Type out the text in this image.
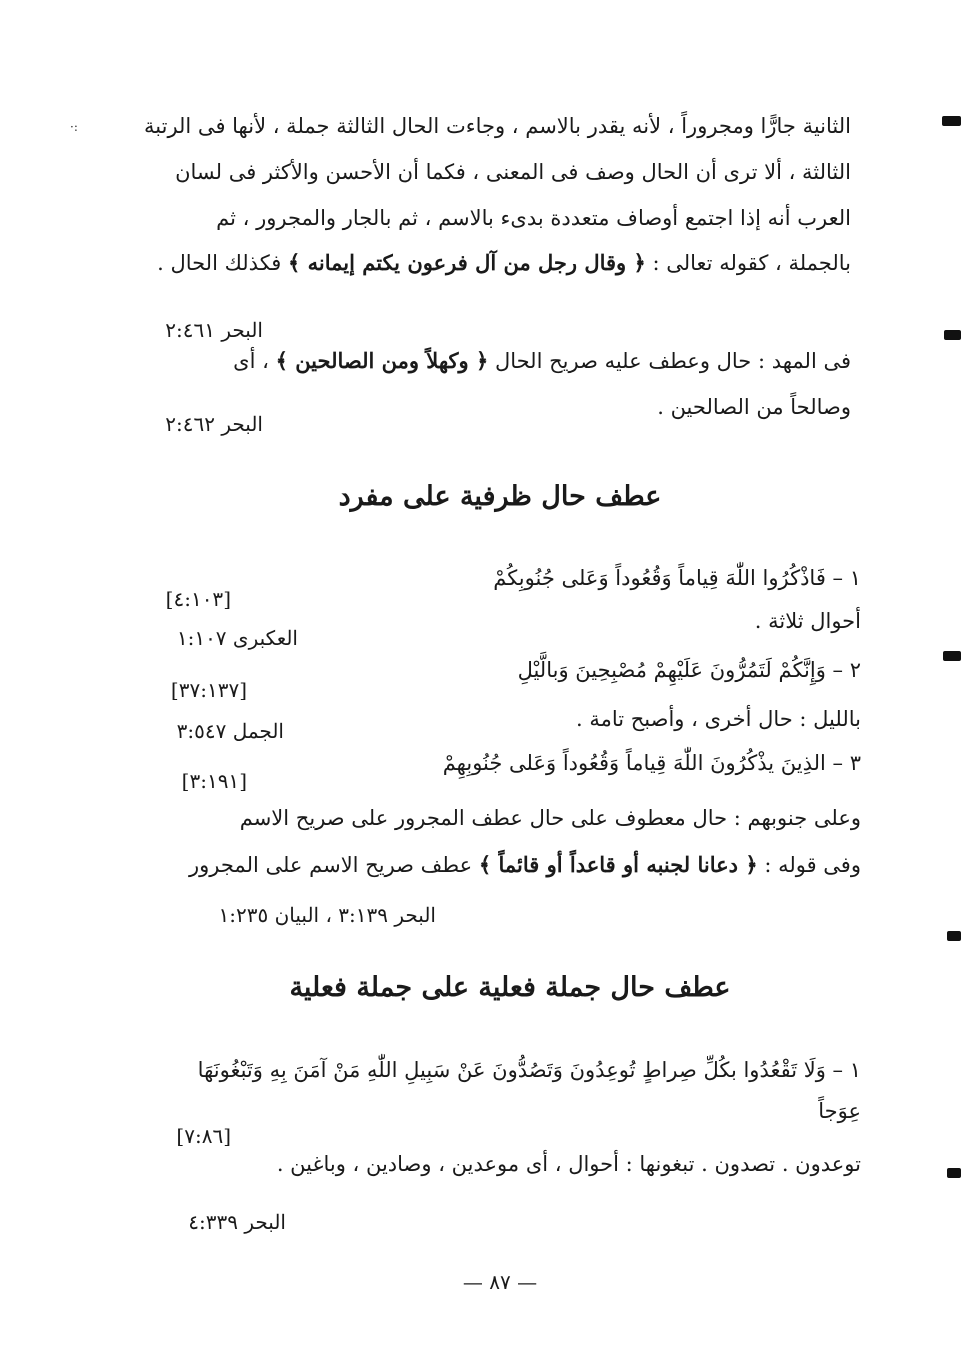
·:	الثانية جارًّا ومجروراً ، لأنه يقدر بالاسم ، وجاءت الحال الثالثة جملة ، لأنها فى الرتبة
الثالثة ، ألا ترى أن الحال وصف فى المعنى ، فكما أن الأحسن والأكثر فى لسان
العرب أنه إذا اجتمع أوصاف متعددة بدىء بالاسم ، ثم بالجار والمجرور ، ثم
بالجملة ، كقوله تعالى : ﴿ وقال رجل من آل فرعون يكتم إيمانه ﴾ فكذلك الحال .
البحر ٢:٤٦١
فى المهد : حال وعطف عليه صريح الحال ﴿ وكهلاً ومن الصالحين ﴾ ، أى
وصالحاً من الصالحين .
البحر ٢:٤٦٢
عطف حال ظرفية على مفرد
١ – فَاذْكُرُوا اللّٰهَ قِياماً وَقُعُوداً وَعَلى جُنُوبِكُمْ
[٤:١٠٣]
أحوال ثلاثة .
العكبرى ١:١٠٧
٢ – وَإِنَّكُمْ لَتَمُرُّونَ عَلَيْهِمْ مُصْبِحِينَ وَبالَّيْلِ
[٣٧:١٣٧]
بالليل : حال أخرى ، وأصبح تامة .
الجمل ٣:٥٤٧
٣ – الذِينَ يذْكُرُونَ اللّٰهَ قِياماً وَقُعُوداً وَعَلى جُنُوبِهِمْ
[٣:١٩١]
وعلى جنوبهم : حال معطوف على حال عطف المجرور على صريح الاسم
وفى قوله : ﴿ دعانا لجنبه أو قاعداً أو قائماً ﴾ عطف صريح الاسم على المجرور
البحر ٣:١٣٩ ، البيان ١:٢٣٥
عطف حال جملة فعلية على جملة فعلية
١ – وَلَا تَقْعُدُوا بكُلِّ صِراطٍ تُوعِدُونَ وَتَصُدُّونَ عَنْ سَبِيلِ اللّٰهِ مَنْ آمَنَ بِهِ وَتَبْغُونَهَا
عِوَجاً
[٧:٨٦]
توعدون . تصدون . تبغونها : أحوال ، أى موعدين ، وصادين ، وباغين .
البحر ٤:٣٣٩
— ٨٧ —
